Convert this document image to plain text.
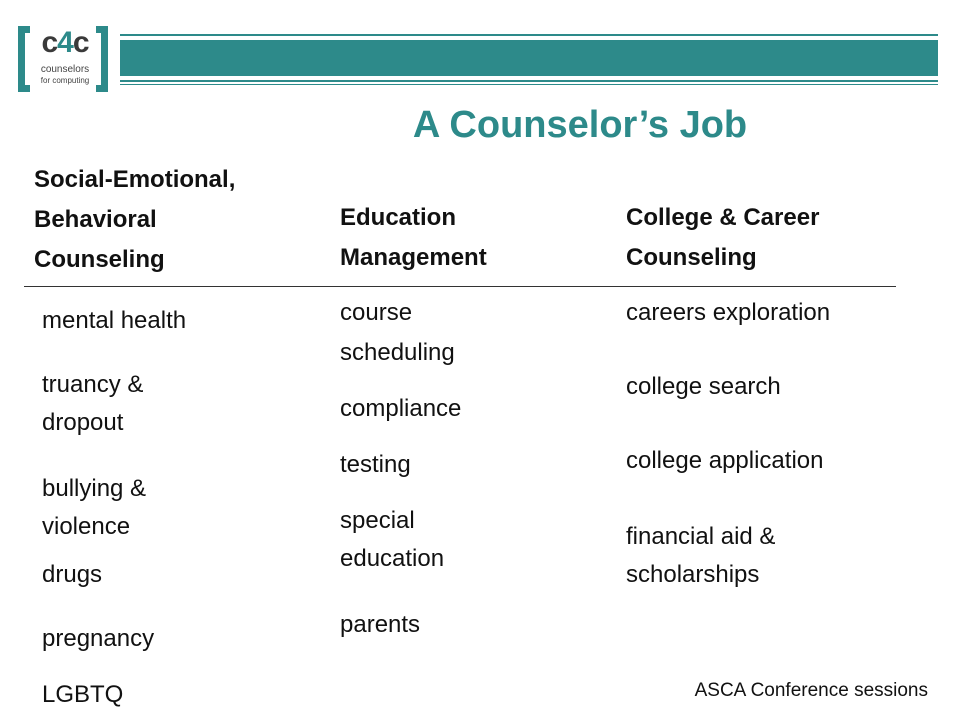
c4c
counselors
for computing
A Counselor’s Job
Social-Emotional,
Behavioral
Counseling
Education
Management
College & Career
Counseling
mental health
truancy &
dropout
bullying &
violence
drugs
pregnancy
LGBTQ
course
scheduling
compliance
testing
special
education
parents
careers exploration
college search
college application
financial aid &
scholarships
ASCA Conference sessions
